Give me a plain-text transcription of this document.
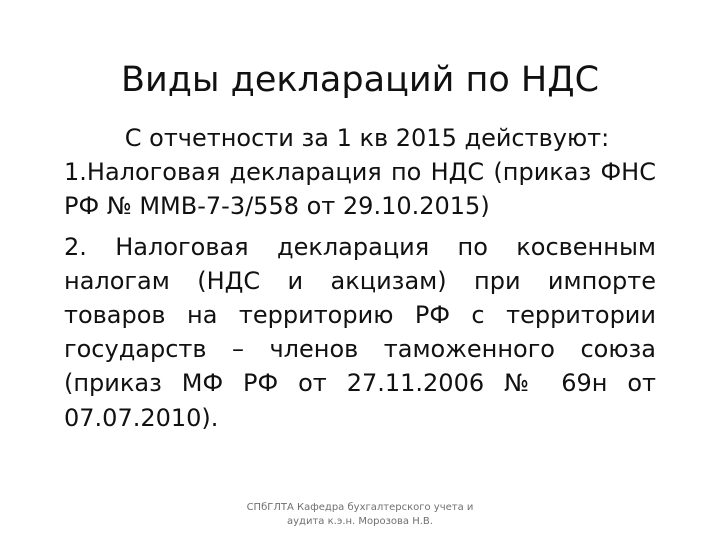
Виды деклараций по НДС

С отчетности за 1 кв 2015 действуют:

1.Налоговая декларация по НДС (приказ ФНС РФ № ММВ-7-3/558 от 29.10.2015)

2. Налоговая декларация по косвенным налогам (НДС и акцизам) при импорте товаров на территорию РФ с территории государств – членов таможенного союза (приказ МФ РФ от 27.11.2006 № 69н от 07.07.2010).

СПбГЛТА Кафедра бухгалтерского учета и
аудита к.э.н. Морозова Н.В.
